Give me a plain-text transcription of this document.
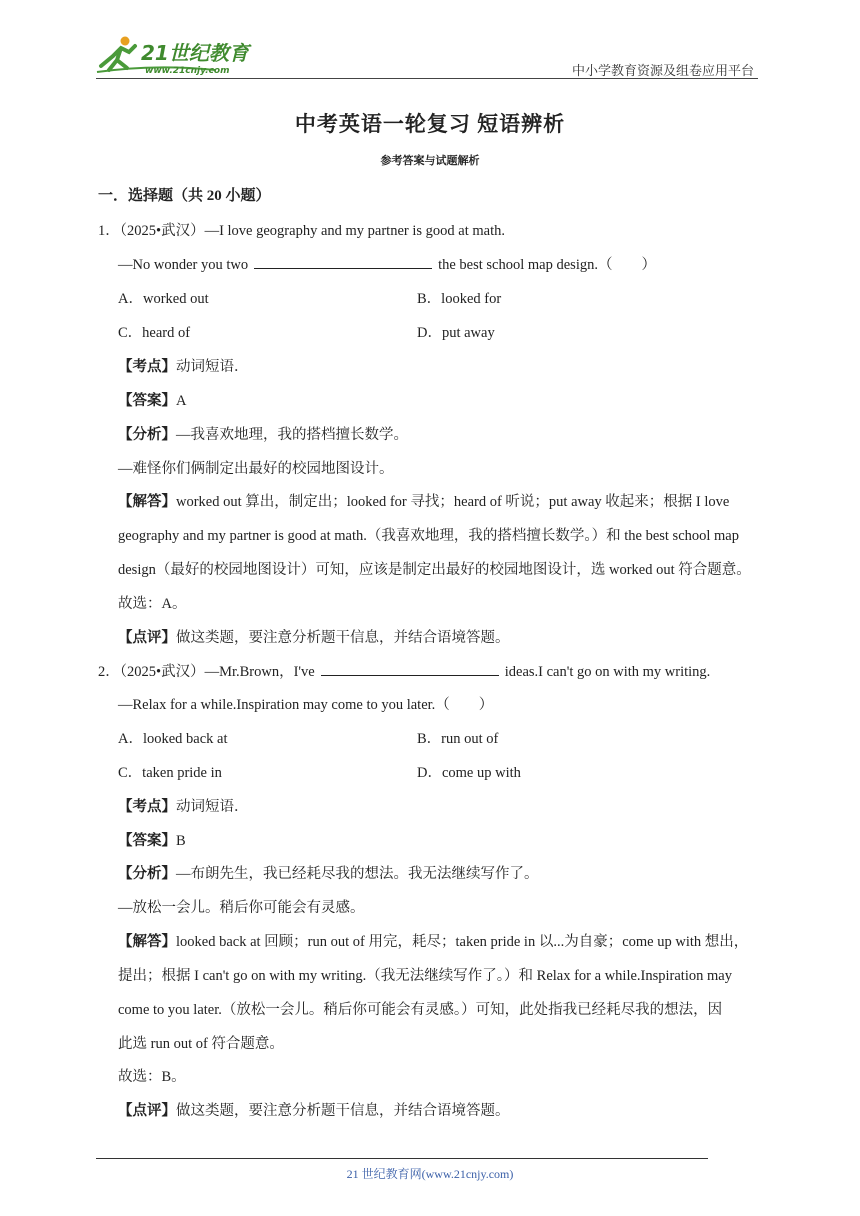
21世纪教育
www.21cnjy.com	中小学教育资源及组卷应用平台
中考英语一轮复习 短语辨析
参考答案与试题解析
一．选择题（共 20 小题）
1．（2025•武汉）—I love geography and my partner is good at math.
—No wonder you two	the best school map design.（　　）
A．worked out	B．looked for
C．heard of	D．put away
【考点】动词短语．
【答案】A
【分析】—我喜欢地理，我的搭档擅长数学。
—难怪你们俩制定出最好的校园地图设计。
【解答】worked out 算出，制定出；looked for 寻找；heard of 听说；put away 收起来；根据 I love
geography and my partner is good at math.（我喜欢地理，我的搭档擅长数学。）和 the best school map
design（最好的校园地图设计）可知，应该是制定出最好的校园地图设计，选 worked out 符合题意。
故选：A。
【点评】做这类题，要注意分析题干信息，并结合语境答题。
2．（2025•武汉）—Mr.Brown，I've	ideas.I can't go on with my writing.
—Relax for a while.Inspiration may come to you later.（　　）
A．looked back at	B．run out of
C．taken pride in	D．come up with
【考点】动词短语．
【答案】B
【分析】—布朗先生，我已经耗尽我的想法。我无法继续写作了。
—放松一会儿。稍后你可能会有灵感。
【解答】looked back at 回顾；run out of 用完，耗尽；taken pride in 以...为自豪；come up with 想出，
提出；根据 I can't go on with my writing.（我无法继续写作了。）和 Relax for a while.Inspiration may
come to you later.（放松一会儿。稍后你可能会有灵感。）可知，此处指我已经耗尽我的想法，因
此选 run out of 符合题意。
故选：B。
【点评】做这类题，要注意分析题干信息，并结合语境答题。
21 世纪教育网(www.21cnjy.com)
